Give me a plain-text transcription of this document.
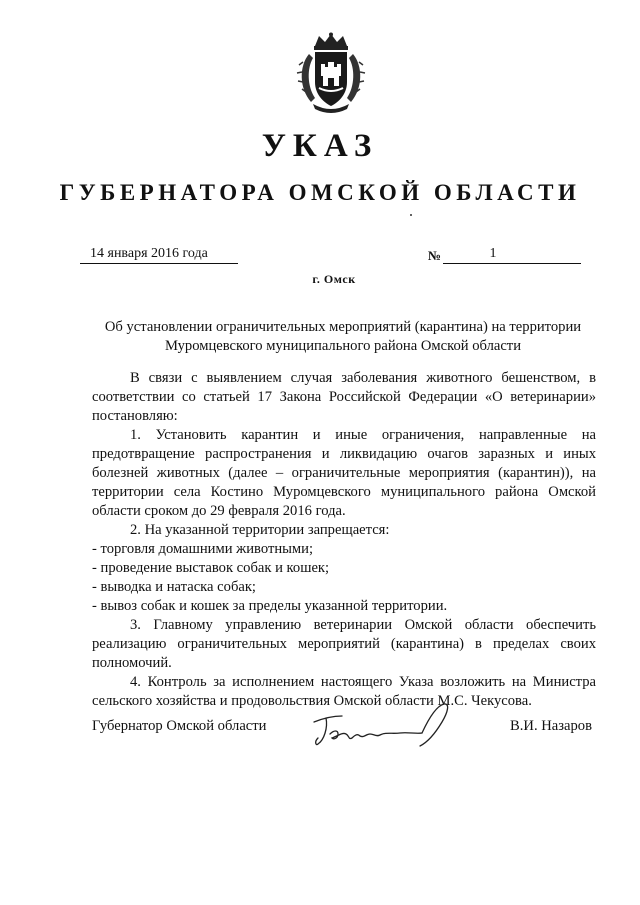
УКАЗ
ГУБЕРНАТОРА ОМСКОЙ ОБЛАСТИ
14 января 2016 года	№	1
г. Омск
Об установлении ограничительных мероприятий (карантина) на территории Муромцевского муниципального района Омской области

В связи с выявлением случая заболевания животного бешенством, в соответствии со статьей 17 Закона Российской Федерации «О ветеринарии» постановляю:

1. Установить карантин и иные ограничения, направленные на предотвращение распространения и ликвидацию очагов заразных и иных болезней животных (далее – ограничительные мероприятия (карантин)), на территории села Костино Муромцевского муниципального района Омской области сроком до 29 февраля 2016 года.

2. На указанной территории запрещается:

- торговля домашними животными;

- проведение выставок собак и кошек;

- выводка и натаска собак;

- вывоз собак и кошек за пределы указанной территории.

3. Главному управлению ветеринарии Омской области обеспечить реализацию ограничительных мероприятий (карантина) в пределах своих полномочий.

4. Контроль за исполнением настоящего Указа возложить на Министра сельского хозяйства и продовольствия Омской области М.С. Чекусова.

Губернатор Омской области	В.И. Назаров
